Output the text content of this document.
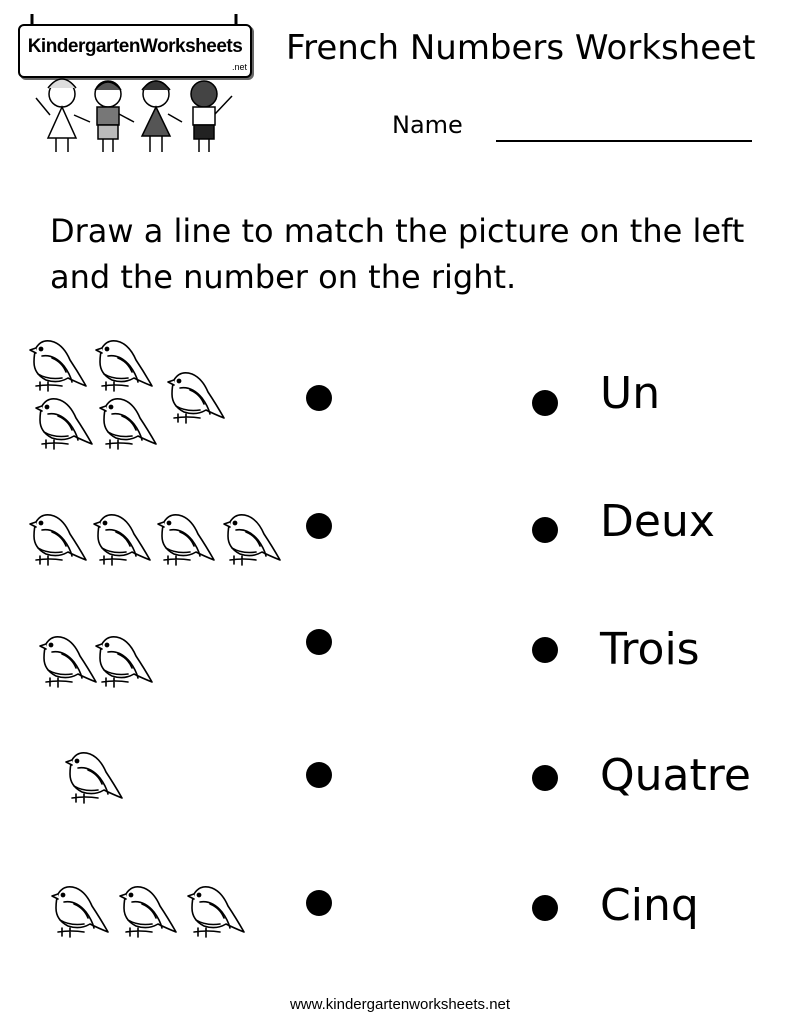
KindergartenWorksheets
.net French Numbers Worksheet
Name
Draw a line to match the picture on the left and the number on the right.
Un
Deux
Trois
Quatre
Cinq
www.kindergartenworksheets.net
